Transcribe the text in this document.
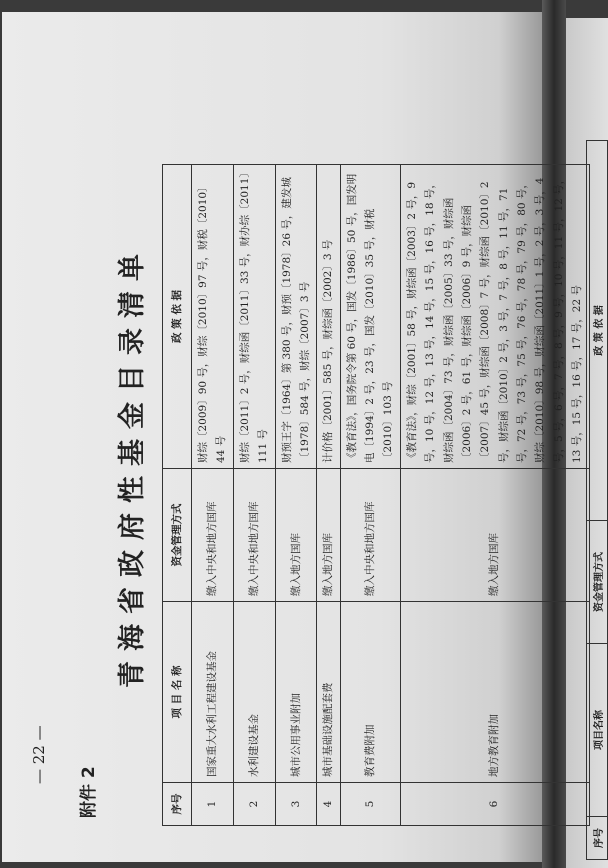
— 22 —
附件 2
青海省政府性基金目录清单
序号	项 目 名 称	资金管理方式	政 策 依 据
1	国家重大水利工程建设基金	缴入中央和地方国库	财综〔2009〕90 号，财综〔2010〕97 号，财税〔2010〕44 号
2	水利建设基金	缴入中央和地方国库	财综〔2011〕2 号，财综函〔2011〕33 号，财办综〔2011〕111 号
3	城市公用事业附加	缴入地方国库	财预王字〔1964〕第 380 号，财预〔1978〕26 号，建发城〔1978〕584 号，财综〔2007〕3 号
4	城市基础设施配套费	缴入地方国库	计价格〔2001〕585 号，财综函〔2002〕3 号
5	教育费附加	缴入中央和地方国库	《教育法》，国务院令第 60 号，国发〔1986〕50 号，国发明电〔1994〕2 号，23 号，国发〔2010〕35 号，财税〔2010〕103 号
6	地方教育附加	缴入地方国库	《教育法》，财综〔2001〕58 号，财综函〔2003〕2 号，9 号，10 号，12 号，13 号，14 号，15 号，16 号，18 号，财综函〔2004〕73 号，财综函〔2005〕33 号，财综函〔2006〕2 号，61 号，财综函〔2006〕9 号，财综函〔2007〕45 号，财综函〔2008〕7 号，财综函〔2010〕2 号，财综函〔2010〕2 号，3 号，7 号，8 号，11 号，71 号，72 号，73 号，75 号，76 号，78 号，79 号，80 号，财综〔2010〕98 号，财综函〔2011〕1 号，2 号，3 号，4 号，5 号，6 号，7 号，8 号，9 号，10 号，11 号，12 号，13 号，15 号，16 号，17 号，22 号
序号	项目名称	资金管理方式	政 策 依 据
